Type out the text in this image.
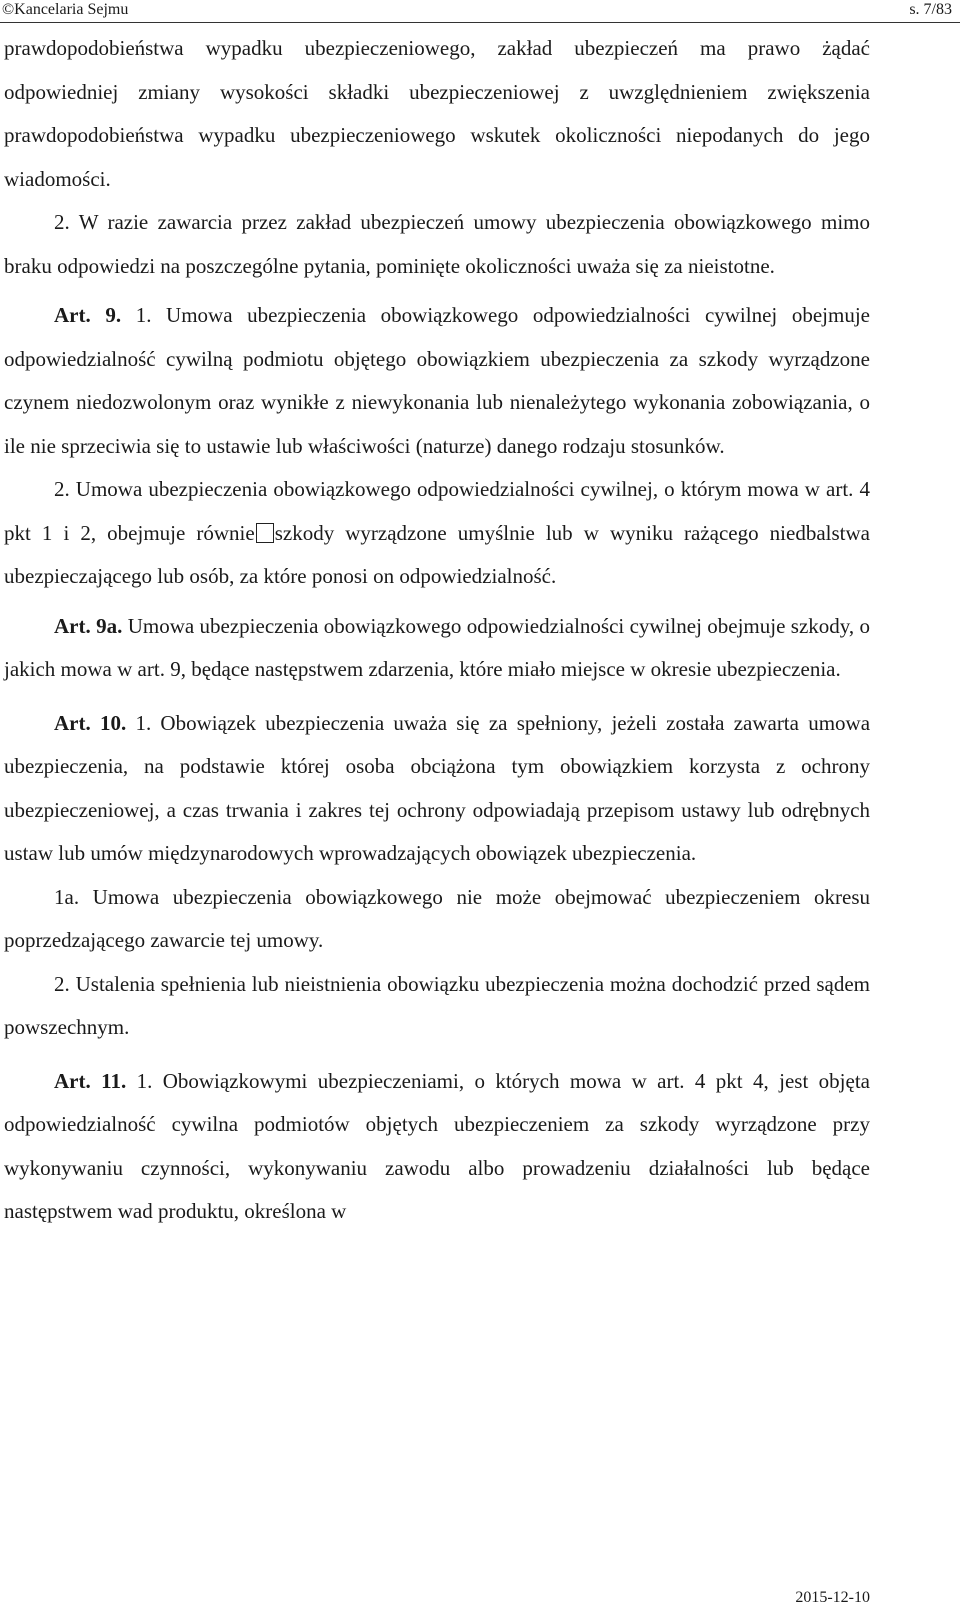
©Kancelaria Sejmu	s. 7/83

prawdopodobieństwa wypadku ubezpieczeniowego, zakład ubezpieczeń ma prawo żądać odpowiedniej zmiany wysokości składki ubezpieczeniowej z uwzględnieniem zwiększenia prawdopodobieństwa wypadku ubezpieczeniowego wskutek okoliczności niepodanych do jego wiadomości.

2. W razie zawarcia przez zakład ubezpieczeń umowy ubezpieczenia obowiązkowego mimo braku odpowiedzi na poszczególne pytania, pominięte okoliczności uważa się za nieistotne.

Art. 9. 1. Umowa ubezpieczenia obowiązkowego odpowiedzialności cywilnej obejmuje odpowiedzialność cywilną podmiotu objętego obowiązkiem ubezpieczenia za szkody wyrządzone czynem niedozwolonym oraz wynikłe z niewykonania lub nienależytego wykonania zobowiązania, o ile nie sprzeciwia się to ustawie lub właściwości (naturze) danego rodzaju stosunków.

2. Umowa ubezpieczenia obowiązkowego odpowiedzialności cywilnej, o którym mowa w art. 4 pkt 1 i 2, obejmuje równie szkody wyrządzone umyślnie lub w wyniku rażącego niedbalstwa ubezpieczającego lub osób, za które ponosi on odpowiedzialność.

Art. 9a. Umowa ubezpieczenia obowiązkowego odpowiedzialności cywilnej obejmuje szkody, o jakich mowa w art. 9, będące następstwem zdarzenia, które miało miejsce w okresie ubezpieczenia.

Art. 10. 1. Obowiązek ubezpieczenia uważa się za spełniony, jeżeli została zawarta umowa ubezpieczenia, na podstawie której osoba obciążona tym obowiązkiem korzysta z ochrony ubezpieczeniowej, a czas trwania i zakres tej ochrony odpowiadają przepisom ustawy lub odrębnych ustaw lub umów międzynarodowych wprowadzających obowiązek ubezpieczenia.

1a. Umowa ubezpieczenia obowiązkowego nie może obejmować ubezpieczeniem okresu poprzedzającego zawarcie tej umowy.

2. Ustalenia spełnienia lub nieistnienia obowiązku ubezpieczenia można dochodzić przed sądem powszechnym.

Art. 11. 1. Obowiązkowymi ubezpieczeniami, o których mowa w art. 4 pkt 4, jest objęta odpowiedzialność cywilna podmiotów objętych ubezpieczeniem za szkody wyrządzone przy wykonywaniu czynności, wykonywaniu zawodu albo prowadzeniu działalności lub będące następstwem wad produktu, określona w

2015-12-10
